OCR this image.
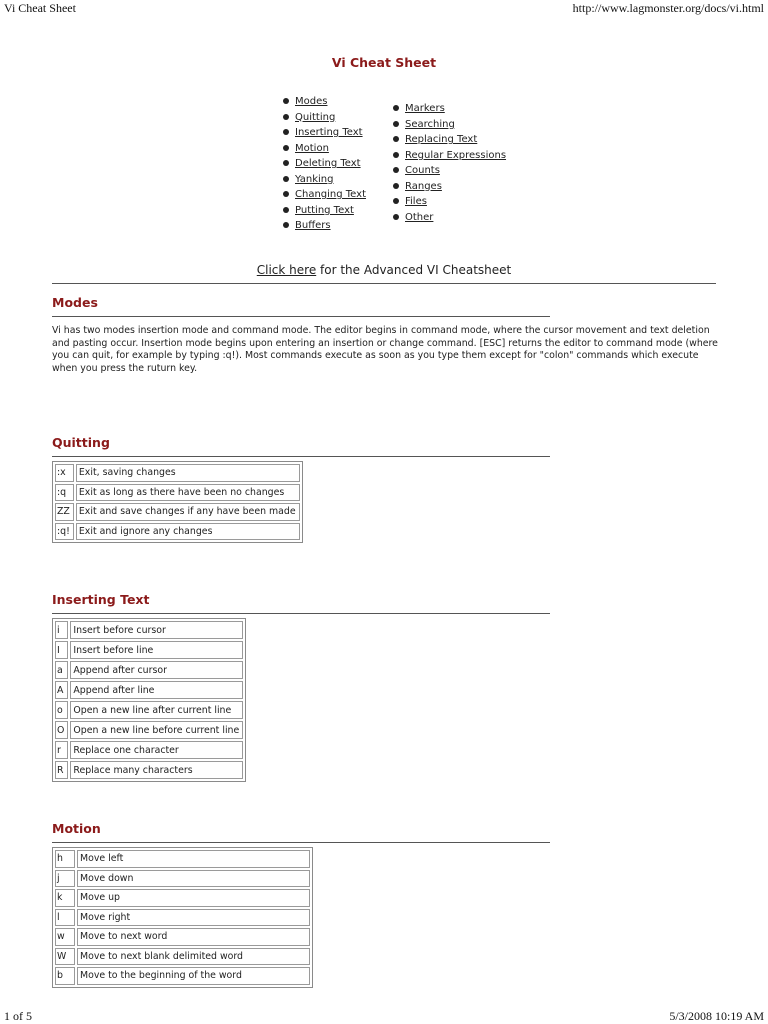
Vi Cheat Sheet	http://www.lagmonster.org/docs/vi.html
1 of 5	5/3/2008 10:19 AM
Vi Cheat Sheet
Modes
Quitting
Inserting Text
Motion
Deleting Text
Yanking
Changing Text
Putting Text
Buffers
Markers
Searching
Replacing Text
Regular Expressions
Counts
Ranges
Files
Other
Click here for the Advanced VI Cheatsheet
Modes

Vi has two modes insertion mode and command mode. The editor begins in command mode, where the cursor movement and text deletion and pasting occur. Insertion mode begins upon entering an insertion or change command. [ESC] returns the editor to command mode (where you can quit, for example by typing :q!). Most commands execute as soon as you type them except for "colon" commands which execute when you press the ruturn key.

Quitting
:x	Exit, saving changes
:q	Exit as long as there have been no changes
ZZ	Exit and save changes if any have been made
:q!	Exit and ignore any changes
Inserting Text
i	Insert before cursor
I	Insert before line
a	Append after cursor
A	Append after line
o	Open a new line after current line
O	Open a new line before current line
r	Replace one character
R	Replace many characters
Motion
h	Move left
j	Move down
k	Move up
l	Move right
w	Move to next word
W	Move to next blank delimited word
b	Move to the beginning of the word
